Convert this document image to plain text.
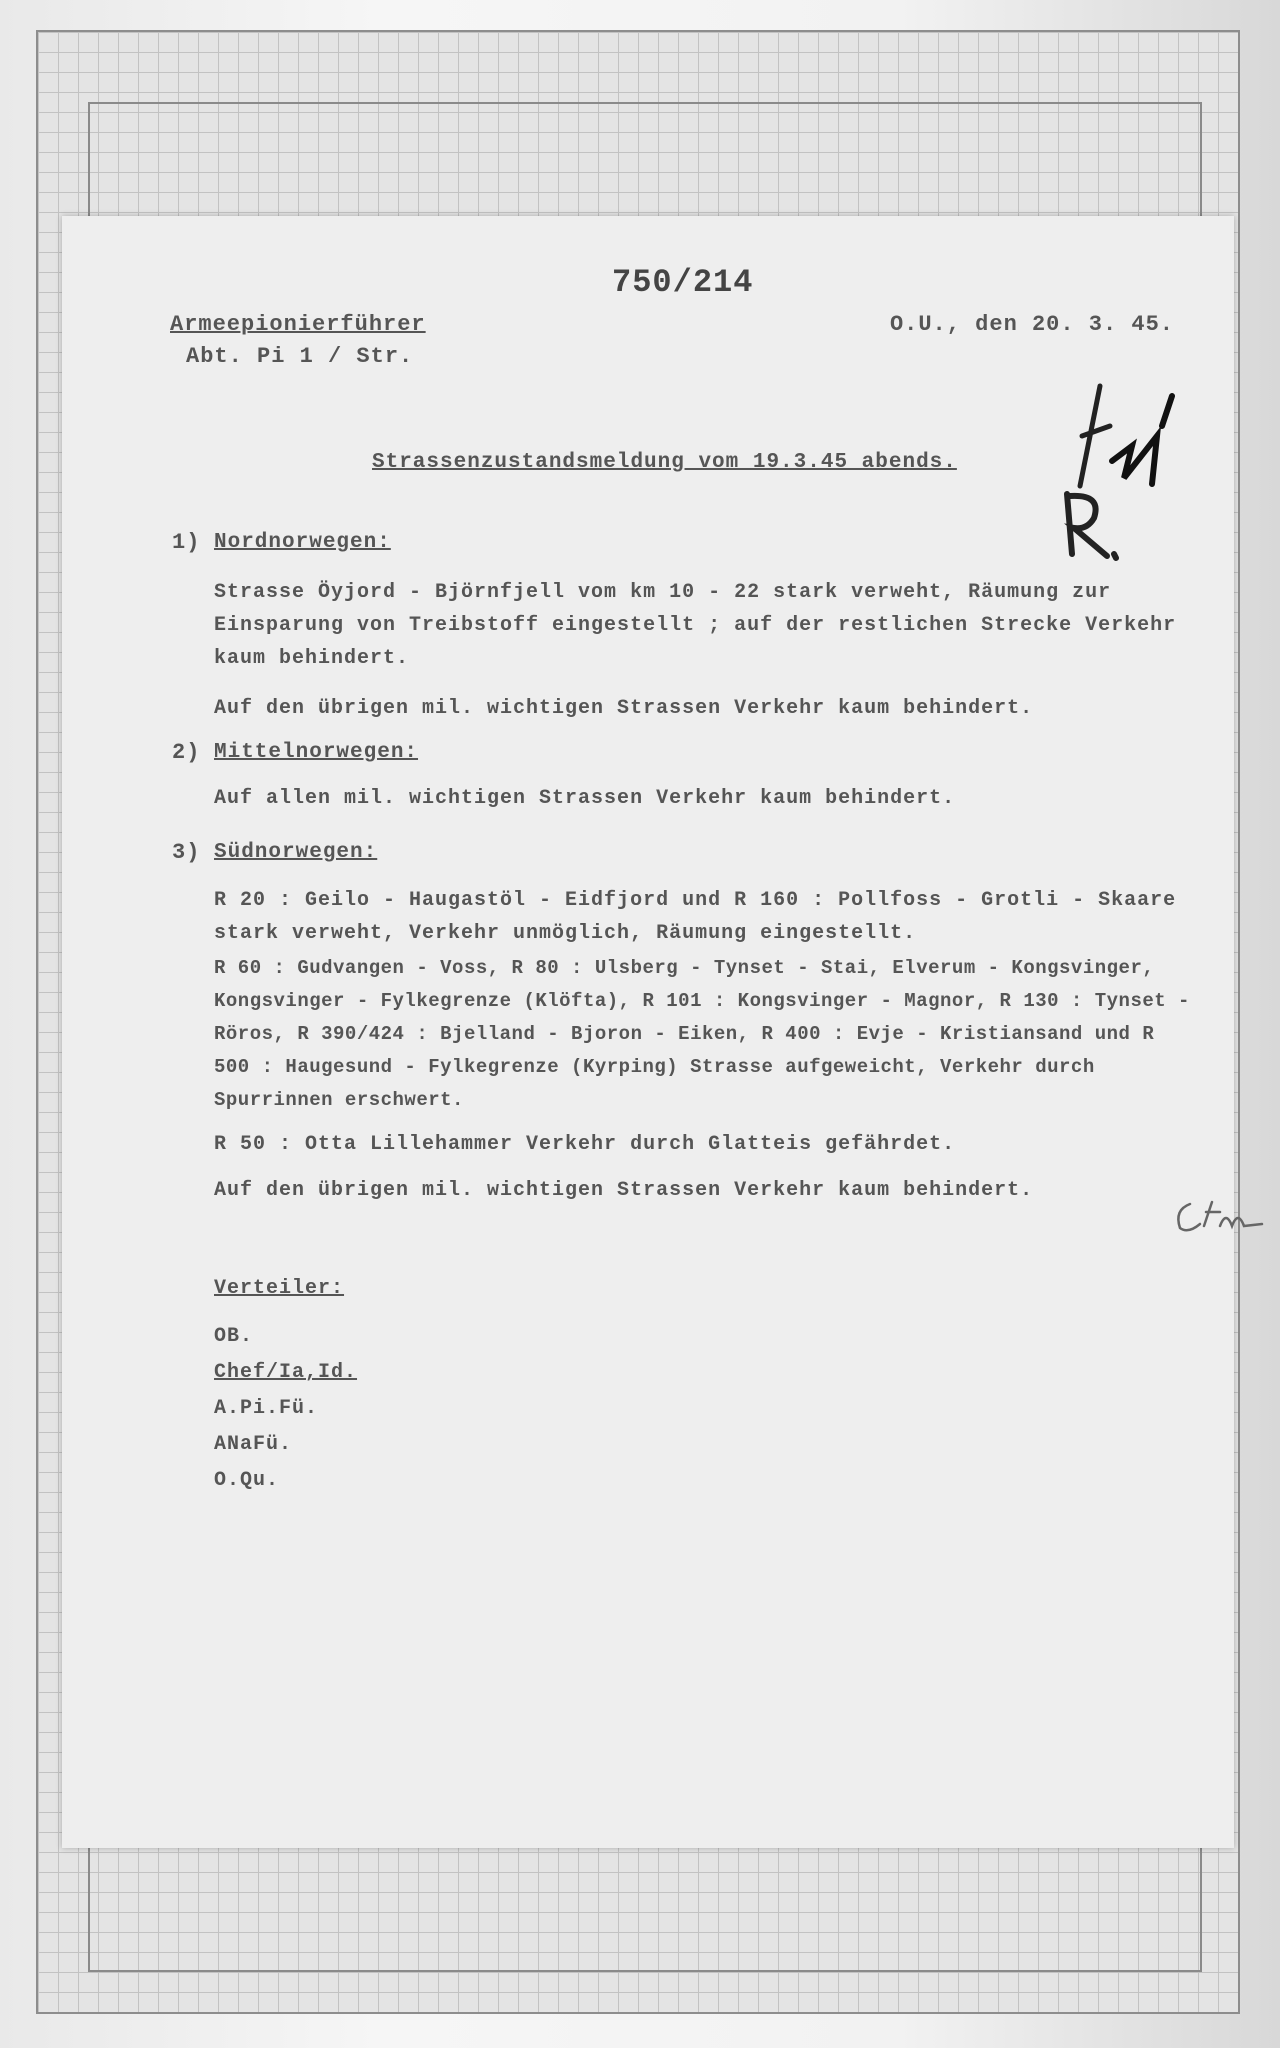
750/214
Armeepionierführer
Abt. Pi 1 / Str.
O.U., den 20. 3. 45.
Strassenzustandsmeldung vom 19.3.45 abends.
1) Nordnorwegen:
Strasse Öyjord - Björnfjell vom km 10 - 22 stark verweht, Räumung zur Einsparung von Treibstoff eingestellt ; auf der restlichen Strecke Verkehr kaum behindert.
Auf den übrigen mil. wichtigen Strassen Verkehr kaum behindert.
2) Mittelnorwegen:
Auf allen mil. wichtigen Strassen Verkehr kaum behindert.
3) Südnorwegen:
R 20 : Geilo - Haugastöl - Eidfjord und R 160 : Pollfoss - Grotli - Skaare stark verweht, Verkehr unmöglich, Räumung eingestellt.
R 60 : Gudvangen - Voss, R 80 : Ulsberg - Tynset - Stai, Elverum - Kongsvinger, Kongsvinger - Fylkegrenze (Klöfta), R 101 : Kongsvinger - Magnor, R 130 : Tynset - Röros, R 390/424 : Bjelland - Bjoron - Eiken, R 400 : Evje - Kristiansand und R 500 : Haugesund - Fylkegrenze (Kyrping) Strasse aufgeweicht, Verkehr durch Spurrinnen erschwert.
R 50 : Otta Lillehammer Verkehr durch Glatteis gefährdet.
Auf den übrigen mil. wichtigen Strassen Verkehr kaum behindert.
Verteiler:
OB.
Chef/Ia,Id.
A.Pi.Fü.
ANaFü.
O.Qu.
